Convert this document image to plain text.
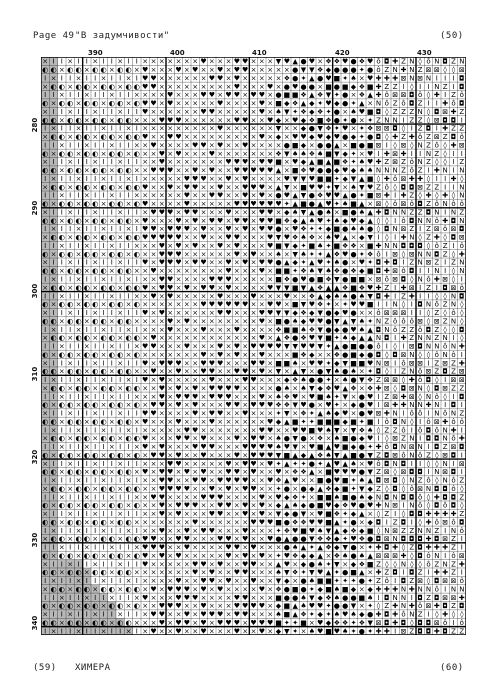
Page 49 "В задумчивости"	(50)
390	400	410	420	430
280
290
300
310
320
330
340
× I I × I I × I I × I I × × × × × × × ♥ × × × ♥ ♥ × × × ▼ ♥ ▲ ● ♥ × ❖ ❖ ♥ ● ❖ ♥ ô ◘ ✚ Z N ◊ ô N ◘ Z N
◐ ◐ × ◐ ◐ × ◐ ◐ × ◐ ◐ × ♥ × × × ♥ × ♥ × × ♥ × ♥ ♥ × × × × × ● ▼ ▼ ❖ ◆ ● ● ● ✦ ● ô Z N ✚ N Z ⊠ ⊠ ◊ ◊ ⊠
I × I I × I I × I I × I ♥ ♥ × × × × × × ♥ ♥ × ♥ × × × × × ❖ ● ✦ ▲ ● ♥ ■ ✦ ♠ × ♥ ✚ ✚ ✚ ⊠ N ⊠ N I I I ◘
× ◐ ◐ × ◐ ◐ × ◐ ◐ × ◐ ◐ ♥ ♥ × × × × × × × × × ♥ × × × ♥ × ● ♥ ● ● × ■ ● ■ ◆ ❖ ■ ✚ Z Z I ◊ I I N Z I ◘
I I × I I × I I × I I × × × × ♥ × × × ♥ ♥ × ♥ ♥ × ♥ ♥ × ● ■ ■ ❖ ▲ ❖ ▼ ✦ ● × ❖ ▲ ✚ ô ⊠ ⊠ ◘ ô ◊ ✚ I Z ô
◐ × ◐ ◐ × ◐ ◐ × ◐ ◐ × ◐ ♥ ♥ × ♥ × × × × × ♥ × × × × ♥ × ■ ◆ ❖ ▲ ◆ ✦ ♥ ◆ ● ✦ ▲ × N ô Z ô ◘ Z I I ✚ ô ◘
× I I × I I × I I × I I ♥ × × × × × × ♥ ♥ × × × × × ♥ × ♠ ▼ ✦ ❖ ◆ ❖ ✦ ● × ♠ ♥ ■ ◘ ◊ Z Z Z N ◊ ◘ ⊠ ✚ Z
◐ ◐ × ◐ ◐ × ◐ ◐ × ◐ ◐ × × × ♥ ♥ ♥ × × × × × × ♥ ♥ × × ♥ ◆ × ♥ ◆ ❖ ■ ❖ ● ✦ ● × ✦ Z N N I Z Z ◊ ⊠ ◘ ◘ I
I × I I × I I × I I × I × × × × × × × × × ♥ × × × × × × ▼ × × ◆ ● ▼ ❖ ✦ ♥ × ✦ ❖ ⊠ ⊠ ◘ ◊ I Z ◘ I ✚ Z Z
× ◐ ◐ × ◐ ◐ × ◐ ◐ × ◐ ◐ ♥ × × ♥ ♥ × × × × × × × × × ♥ × ◆ × ♥ ♥ ◆ ♥ ◆ ♥ ● ◆ ✦ ● ◘ ◊ ✚ Z ✚ ô Z ⊠ Z ◘ ô
I I × I I × I I × I I × × ♥ × × × × ♥ ♥ × ♥ × × ♥ × × × × ● ■ ◆ × ● ● ▲ × ■ ● ■ ⊠ I ◊ ⊠ ◊ N Z ô ◊ ✚ ⊠
◐ × ◐ ◐ × ◐ ◐ × ◐ ◐ × ◐ × × ♥ × ♥ × × × ♥ × × × × × × × ❖ ▼ ♠ ♠ ❖ ♠ ■ ▼ ◆ ✦ × ♥ I ✚ ⊠ ✚ I I N Z ◊ I I
× I I × I I × I I × I I × × ♥ × × × × × × × ♥ ♥ ♥ × ♥ ♥ ■ × ♥ ◆ ▲ ■ ▲ ■ ❖ ✦ ♠ ♥ ✚ Z ⊠ Z ô N Z ◊ ◊ I Z
◐ ◐ × ◐ ◐ × ◐ ◐ × ◐ ◐ × × ♥ ♥ ♥ × × ♥ × ♥ × × ♥ ♥ ♥ ♥ ♥ ▲ × ■ ❖ ♥ ● ● ◆ ♥ ◆ ♠ ♠ N N N Z ô Z I ✚ N I N
I × I I × I I × I I × I × × × × × ♥ ♥ ♥ × × ♥ × ♥ × × × × ♥ ▼ ▼ ♥ ■ ■ ✦ ◆ ▼ ▲ ■ ◊ ✚ ô ⊠ ✚ ✚ ◊ I I ✚ ◊
× ◐ ◐ × ◐ ◐ × ◐ ◐ × ◐ ◐ ♥ × × ♥ × ♥ ♥ × × ♥ × × ♥ ♥ ♥ × ▲ ▼ × ■ ♥ ♥ ✦ ▼ × ♠ ▼ ♥ Z ô ◊ ◘ ◘ ⊠ Z Z I I N
I I × I I × I I × I I × × × × × × ♥ × × ♥ ♥ × × ♥ × ♥ × ● ♥ ▲ ▼ ● ❖ ♥ ♥ ▲ ● ✦ ■ ⊠ ✚ I ✚ Z ◊ ✚ ◊ ✚ ◊ N
◐ × ◐ ◐ × ◐ ◐ × ◐ ◐ × ◐ ♥ × × × × ♥ × × × × × ♥ ♥ ♥ ♥ ♥ ♥ ✦ ▲ ■ ● ▲ ♥ ✦ ♠ ■ ▲ × ⊠ ◊ ô ⊠ ô ◘ Z ô N ô ô
× I I × I I × I I × I I × ♥ ♥ ♥ × ♥ ♥ × × × ♥ × × × ♥ ♥ × ◆ ♠ ▼ ▲ ● ♠ × ■ ● ♠ ▲ ✚ ◘ N N Z Z ◘ N I N Z
◐ ◐ × ◐ ◐ × ◐ ◐ × ◐ ◐ × ♥ × × × ♥ × ♥ × ♥ ♥ × ♥ ♥ × ♥ ♥ ■ ❖ ◆ ▲ ♠ ♥ ✦ ♠ ◆ ♥ ◆ ▲ ◊ ◊ I ô ◘ N N ô ✚ ◘ N
I × I I × I I × I I × I ♥ ♥ × ♥ ♥ ♥ × ♥ × × ♥ × ♥ × ♥ ♥ ● × ♥ ❖ ✦ ✦ ◆ ■ ● ♠ ♠ ● ◊ ◘ N ⊠ Z I Z ⊠ ô ⊠ ◘
× ◐ ◐ × ◐ ◐ × ◐ ◐ × ◐ ◐ ♥ ♥ ♥ ♥ ♥ × × ♥ × × ♥ ♥ × × × ♥ ▼ ♥ ❖ ♠ ❖ × ♠ ♥ ▲ × ◆ ▼ I ◊ I ✚ N ◊ Z ✚ ◊ ◘ ⊠
I I × I I × I I × I I × × × ♥ × ♥ × ♥ × × ♥ × ♥ × × × ♥ ■ ▼ ◆ ✦ ■ ♠ ✦ ■ ❖ ❖ × ■ ✚ N N ◘ ◘ ◘ ◊ ô Z I ô
◐ × ◐ ◐ × ◐ ◐ × ◐ ◐ × ◐ × × ♥ ♥ ♥ × × × × × × ♥ × ♥ × × ♠ × ▼ ♠ ✦ ✦ ▲ ❖ ♥ ● ✦ ❖ ô I ⊠ ◊ ⊠ N N ◘ Z ◊ ✚
× I I × I I × I I × I I ♥ × ♥ ♥ ♥ × ♥ ♥ × × ♥ × ♥ × ♥ ♥ ● ▲ ◆ ✦ ▲ ♥ ✦ ♠ ● × ♥ ✦ ◘ ✚ ◘ I Z N ⊠ Z I Z N
◐ ◐ × ◐ ◐ × ◐ ◐ × ◐ ◐ × × ♥ × × × × × × × × ♥ × × × ♥ × ■ ■ ✦ ❖ ♠ ▼ ♠ ❖ ● ❖ ◆ ■ ◘ ✚ ⊠ ô ◘ I I N I ◊ N
I × I I × I I × I I × I × × ♥ ♥ × × × × ♥ ♥ ♥ × × × × × ■ ❖ ● ♥ ● ■ ❖ ▼ ● ■ ■ × ⊠ ô ⊠ ◘ ◊ N ô ✚ ⊠ ◊ I
× ◐ ◐ × ◐ ◐ × ◐ ◐ × ◐ ◐ ♥ × ♥ ♥ × ♥ × ♥ ♥ × ♥ × × × × ♥ ▼ ▼ ■ ▼ ▲ ❖ ▲ ▲ ❖ ■ ❖ ♥ ✚ Z I ✚ ⊠ I Z I ◘ ⊠ ô
I I × I I × I I × I I × × ♥ × ♥ × × × × × ♥ × × × ♥ × × × ♥ × × ❖ ▲ ◆ ♠ ♠ ● ♠ ▼ ◘ ✚ I Z ✚ I I ◊ ◊ N ◘
◐ × ◐ ◐ × ◐ ◐ × ◐ ◐ × ◐ × × × × × × × ♥ ♥ ♥ ♥ ♥ ♥ × × ♥ ♥ × ■ ▼ ♥ ❖ ✦ × ✦ ♥ ♥ ■ I I N ◊ I ◘ N ô Z N ◊
× I I × I I × I I × I I ♥ × ♥ × × × × × × ♥ ♥ × × × ♥ ♥ ▼ ▼ ◆ ❖ ◆ ▼ ● ◆ ♥ ● × × ô ⊠ ⊠ ⊠ I I ◊ Z ◊ ô ◊
◐ ◐ × ◐ ◐ × ◐ ◐ × ◐ ◐ × × × × ♥ × ♥ × × × × × × × × ♥ × ■ ● ♠ ◆ ♥ ♥ ● ▼ ▲ ▼ ♠ ✦ N Z ô ô ô ⊠ ◊ ⊠ Z N ◊
I × I I × I I × I I × I × × × ♥ × × × ♥ × × × ♥ × × × × ❖ ■ ■ ♠ ❖ ▼ ● ◆ ● ♥ ♠ ▲ ◘ N ô Z Z ô ◘ Z ◊ ◊ ◘
× ◐ ◐ × ◐ ◐ × ◐ ◐ × ◐ ◐ × ♥ × × × × × × × × × × × × ♥ × ▲ ❖ ● ❖ ♥ ▼ ■ ✦ ♠ ◆ ▲ ▲ N ◘ I ✚ Z N N Z N I ◊
I I × I I × I I × I I × ♥ ♥ × × × ♥ × × × ♥ × ♥ × ♥ ♥ ♥ ♥ ▼ ▼ ♥ ♥ ▼ ✦ ▲ ● ■ ● ● ô I ◊ I ⊠ ◘ N N ô N ✚
◐ × ◐ ◐ × ◐ ◐ × ◐ ◐ × ◐ × × × × × × × ♥ × ♥ × ♥ × × ♥ × × × ■ ❖ ◆ × × ❖ ● ■ ◆ ● ◘ ◊ ◘ ⊠ N ◊ ◊ ô N ô I
× I I × I I × I I × I I ♥ × ♥ ♥ ♥ × × ♥ ♥ ♥ × × × ♥ ♥ × ■ ■ ♠ × ♥ ♥ ✦ ◆ ▼ ■ ■ ♥ N ⊠ I ô ⊠ ⊠ I Z ⊠ Z ✚
◐ ◐ × ◐ ◐ × ◐ ◐ × ◐ ◐ × × ♥ × × ♥ × × ♥ ♥ × × ♥ ♥ × ♥ × ▼ × ▲ ▼ × ● ▼ ♠ ● ♠ × ✦ ◘ ◊ I Z N ô ⊠ Z ◘ Z ⊠
I × I I × I I × I I × I ♥ × ♥ × × × × × ♥ × × × ♥ ♥ × × × ◆ ❖ ♠ ● ● ✦ × ♠ ● ▼ ❖ Z ⊠ ⊠ ◊ ✚ ô ◘ ◊ I ⊠ ⊠
× ◐ ◐ × ◐ ◐ × ◐ ◐ × ◐ ◐ × × ♥ × ♥ × ♥ × ♥ ♥ ♥ ♥ × × × × ● ♠ × ♠ ▼ ◆ ❖ ♥ ▲ ❖ × ❖ ✚ ⊠ ◊ ◘ ⊠ N ◊ ◘ ⊠ Z Z
I I × I I × I I × I I × × × ♥ × ♥ ♥ ♥ × ♥ ♥ ♥ × × × ♥ × ♠ ❖ ♥ × ♥ ■ ♠ ✦ ▼ × ● ♥ I Z ⊠ ✚ ⊠ ◊ N ô ◊ I ◘
◐ × ◐ ◐ × ◐ ◐ × ◐ ◐ × ◐ × ♥ ♥ × ♥ × ♥ × × × ♥ ♥ × ♥ ♥ ♥ ❖ ❖ ▼ ♥ ● × ♥ ✦ × ◆ ● ♥ I ⊠ ✚ ✚ N N ✚ N I ◘ I
× I I × I I × I I × I I ♥ ♥ × × × × ♥ × ♥ ♥ × × ♥ × × × ✦ ▼ × ❖ ✦ ▲ ♠ ◆ ♥ × ● ♥ ⊠ ✚ N I ô ô I N ô N Z
◐ ◐ × ◐ ◐ × ◐ ◐ × ◐ ◐ × ♥ × × × ♥ × × × ♥ × × × × × × ♥ ◆ ▲ ■ ✦ ✦ ■ ■ ■ ◆ ■ ✦ ■ I ô ◘ N ◊ I ô ⊠ ✚ ô ô
I × I I × I I × I I × I × × × × × ♥ ♥ × × × × × × × ♥ ♥ × × ♥ ♥ ■ ♥ ♠ ▼ × ▼ ❖ ♠ ◊ Z Z ô I ô ◘ ô N ✚ I
× ◐ ◐ × ◐ ◐ × ◐ ◐ × ◐ ◐ ♥ × × × ♥ ♥ × ♥ × × × ♥ × ♥ ♥ × ♠ ● ▼ ● × ❖ × ♠ ■ ● ◆ ♥ I ◊ ⊠ Z N I ◘ ◘ N ô ✚
I I × I I × I I × I I × ♥ × ♥ × × × ♥ ♥ ♥ × × × ♥ ♥ ♥ ♥ ♠ ♥ ▼ × ♥ ■ ▲ ♥ ■ ◆ ● ✦ ✚ ô ◘ N ⊠ N I ◘ Z ⊠ ◘
◐ × ◐ ◐ × ◐ ◐ × ◐ ◐ × ◐ × ♥ ♥ × ♥ × × ♥ × × × ♥ × ♥ ♥ ♥ ▼ ■ ▲ ◆ ▲ ❖ ♠ ▼ ▲ ■ ● ▼ Z ◘ ⊠ ô N ô Z ◊ ⊠ ◘ I
× I I × I I × I I × I I × × × ♥ ♥ × × × × × ♥ × ♥ ♥ × ♥ ✦ ▲ ✦ ✦ ● ✦ ▲ ♥ ▲ ♠ × ♥ ô ◘ N ◘ I I ◊ ◊ N I ⊠
◐ ◐ × ◐ ◐ × ◐ ◐ × ◐ ◐ × ♥ × ♥ ♥ × ♥ × ♥ × × ♥ ♥ × ♥ × × ♥ × ❖ ❖ ▲ × ■ ♥ ♥ ♥ ● ▼ Z ⊠ ◊ ⊠ ◘ ◘ I N ⊠ ◘ I
I × I I × I I × I I × I × × ♥ ♥ × × ♥ ♥ × ♥ ♥ ♥ ♥ × × ♥ ❖ ▲ ♥ × × ■ ● ♥ ■ ✦ ♠ ▲ ◘ ⊠ ◘ ◊ N Z ô ◊ N ô Z
× ◐ ◐ × ◐ ◐ × ◐ ◐ × ◐ ◐ × × ♥ ♥ ♥ ♥ × × ♥ × ♥ × ♥ ♥ × × ✦ ● × ● ◆ ▲ ❖ ◆ ■ ✦ ▼ ◆ Z ◊ ◘ ◊ ô ⊠ N ◘ ◘ ô ◊
I I × I I × I I × I I × × ♥ ♥ × × × × ♥ ♥ ♥ × × × × ♥ × ♥ ◆ ❖ ✦ × ■ ■ ♠ ■ ● ♠ ◆ N ◘ N ◘ ◘ ô ◊ ✚ ◘ ◘ Z
◐ × ◐ ◐ × ◐ ◐ × ◐ ◐ × ◐ × × ♥ × ♥ ♥ ♥ × × ♥ ♥ × ♥ × ♥ × ◆ ▲ ♠ ◆ ● ■ ♥ ◆ ❖ ♥ ● ♥ ✚ N ⊠ I N ô ◊ ◘ ô ◘ ◊
× I I × I I × I I × I I × × ♥ × ♥ × × × ♥ ♥ × × ♥ × ♥ × ▼ ◆ ● ▼ × ♥ ■ ❖ ✦ ◆ ▲ × ◊ Z I ◊ ◘ ◘ ✚ ✚ ✚ ✚ Z
◐ ◐ × ◐ ◐ × ◐ ◐ × ◐ ◐ × × × × × × × ♥ × × × × × × ♥ ♥ ♥ ■ ● ❖ ❖ ♥ ♥ ■ ▲ ✦ ● × ◆ ◘ I Z ◘ I ◊ ✚ ô ⊠ ô ◘
I × I I × I I × I I × I × × ♥ × × ♥ × ♥ ♥ × × × ♥ × × × ✦ ❖ ♥ ■ ♥ ♠ ▼ ▲ ◆ ❖ ◆ ■ ◊ N ⊠ Z Z N N Z I N ô
× ◐ ◐ × ◐ ◐ × ◐ ◐ × ◐ ◐ ♥ ♥ × × ♥ ♥ × × × ♥ ♥ × ♥ × × ♥ ● ▲ ● ● ▼ ❖ ❖ ◆ ✦ ♥ ❖ ● ◘ ⊠ N ◘ ◘ ◘ ✚ ◘ ⊠ Z I
I I × I I × I I × I I × ♥ ♥ ♥ × × ♥ × × × × ♥ ♥ × ♥ × × × ● ♠ ▲ ✦ ▲ ❖ ◆ ▼ ● × ✦ ✚ ◘ ✚ ◊ Z ◘ ✚ ✚ ✚ Z I
◐ × ◐ ◐ × ◐ ◐ × ◐ ◐ × ◐ ♥ × ♥ × ♥ × × × × × ♥ × ♥ × ♥ × ✦ ♥ ❖ ◆ ◆ ▲ × ❖ ♠ ● ♠ ▲ ⊠ ⊠ ⊠ ✚ ◊ ◘ ô N I ô ⊠
× I I × I I × I I × I I ♥ × × × × × ♥ ♥ × ♥ × × ♥ ♥ × × ▲ ♥ × ◆ ● ♠ ✦ ▼ × ◆ ❖ ■ Z ◊ ◊ N ◊ ◊ ô Z N Z ✚
◐ ◐ × ◐ ◐ × ◐ ◐ × ◐ ◐ × × × × × × × ♥ × ♥ × × ♥ ♥ × × × ♠ ▼ ❖ ✦ ▼ ♥ ▲ ✦ ● ■ ▲ × ✚ Z ◘ I ◘ Z I ✚ ✚ Z I
I × I I × I I × I I × I × × × × ♥ × × ♥ ♥ × ♥ × × ♥ × × ▼ ◆ × ● ♠ ■ ■ ✦ ✦ ✦ ● ✦ Z ô I ◘ Z ⊠ ◊ ◘ ⊠ ⊠ ô
× ◐ ◐ × ◐ ◐ × ◐ ◐ × ◐ ◐ × ♥ × ♥ ♥ ♥ × ♥ × ♥ × × × × ♥ × ❖ ● ■ ● ✦ ◆ ■ ♠ ■ ◆ × ◆ ✚ ✚ ✚ N ✚ N N ô I N N
I I × I I × I I × I I × ♥ × × × ♥ ♥ ♥ × × × × ♥ ♥ × × × ■ ● ● ♠ ▼ ◆ ❖ ♠ ● ● ■ ♠ I ◘ N N I ◘ Z ◘ ⊠ ⊠ ✚
◐ × ◐ ◐ × ◐ ◐ × ◐ ◐ × ◐ × × ♥ ♥ ♥ × × ♥ × × × ♥ ♥ ♥ ♥ × ◆ ■ ▲ ♠ ♥ ♥ ✦ ● ● ▼ × ✦ ◊ Z ✚ N ✚ ô ⊠ ✚ ◘ Z ◘
× I I × I I × I I × I I × ♥ ♥ × × ♥ × ♥ ♥ ♥ × ♥ ♥ × × × ♠ ■ ▲ ❖ ✦ ◆ ✦ ♠ ♥ ♠ ◆ ● ✚ ◘ ✚ ô N Z I ◊ ✚ ◊ ◊
◐ ◐ × ◐ ◐ × ◐ ◐ × ◐ ◐ × × × ♥ × ♥ ♥ × ♥ × ♥ ♥ ♥ × ♥ ♥ ♥ ■ ✦ ✦ ■ × ♥ ◆ ❖ ❖ ✦ ❖ ▼ ⊠ ◘ ✚ ◘ ◊ ◘ ◘ ⊠ ô I ô
I × I I × I I × I I × I × ♥ × × ♥ × × ♥ × × × ♥ × × ♥ × ◆ ▼ ✦ × ♠ ♥ ■ ♥ ♠ ✦ ● ✦ ✚ ✚ I ⊠ Z ◘ ◘ ✚ ◘ Z Z
(59) ХИМЕРА	(60)
